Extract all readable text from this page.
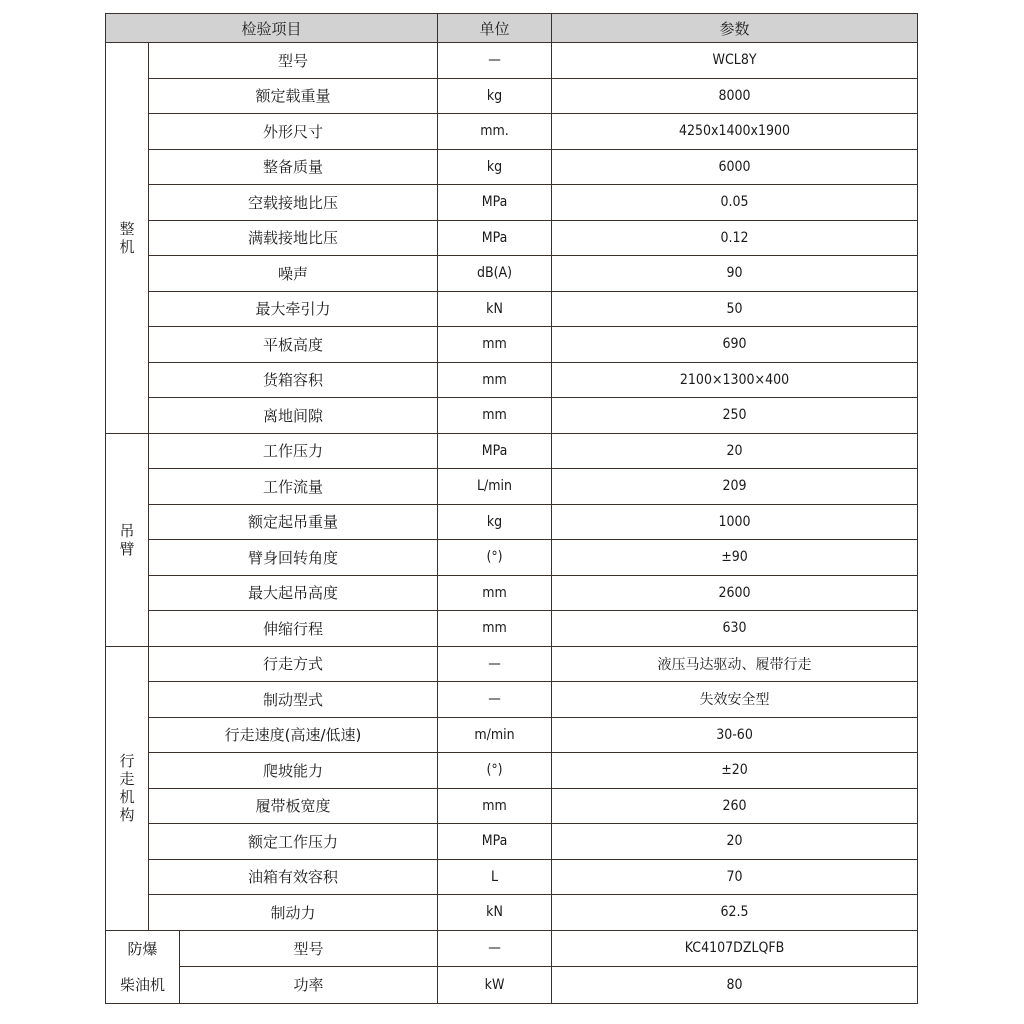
检验项目			单位	参数
整机	型号		—	WCL8Y
	额定载重量		kg	8000
	外形尺寸		mm.	4250x1400x1900
	整备质量		kg	6000
	空载接地比压		MPa	0.05
	满载接地比压		MPa	0.12
	噪声		dB(A)	90
	最大牵引力		kN	50
	平板高度		mm	690
	货箱容积		mm	2100×1300×400
	离地间隙		mm	250
吊臂	工作压力		MPa	20
	工作流量		L/min	209
	额定起吊重量		kg	1000
	臂身回转角度		(°)	±90
	最大起吊高度		mm	2600
	伸缩行程		mm	630
行走机构	行走方式		—	液压马达驱动、履带行走
	制动型式		—	失效安全型
	行走速度(高速/低速)		m/min	30-60
	爬坡能力		(°)	±20
	履带板宽度		mm	260
	额定工作压力		MPa	20
	油箱有效容积		L	70
	制动力		kN	62.5
防爆		型号	—	KC4107DZLQFB
柴油机		功率	kW	80
